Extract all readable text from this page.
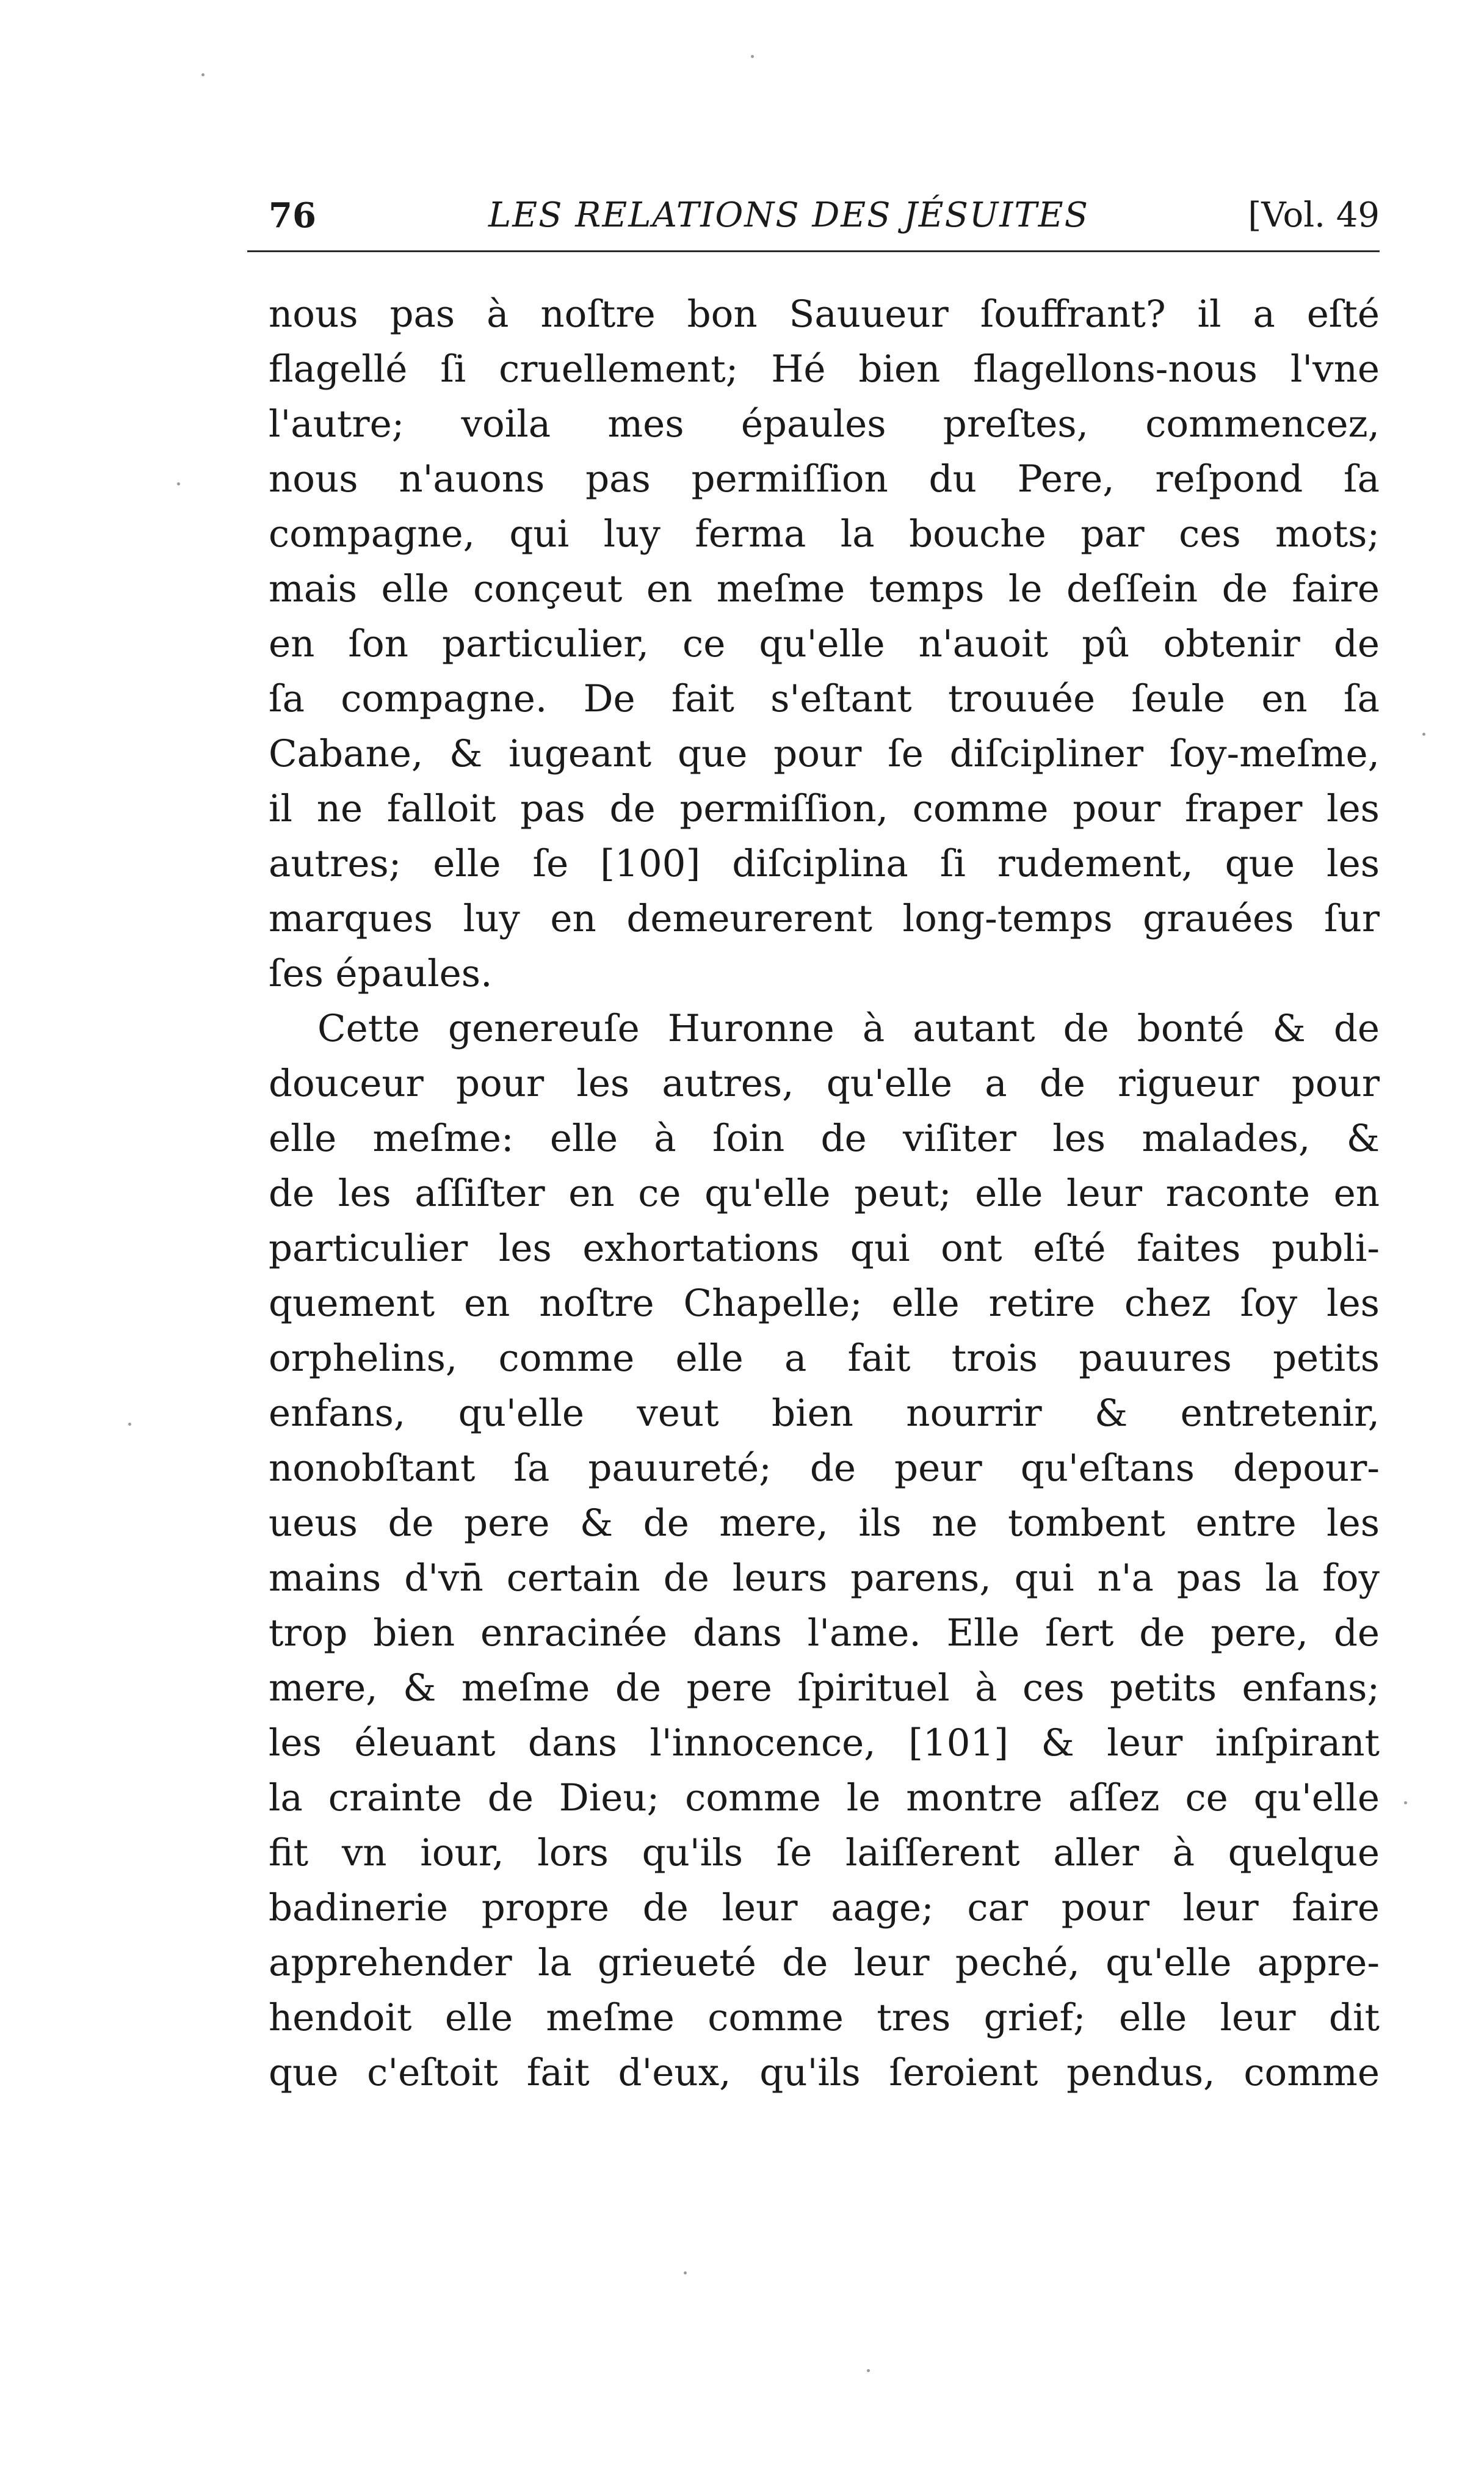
76	LES RELATIONS DES JÉSUITES	[Vol. 49
nous pas à noſtre bon Sauueur ſouffrant? il a eſté
flagellé ſi cruellement; Hé bien flagellons-nous l'vne
l'autre; voila mes épaules preſtes, commencez,
nous n'auons pas permiſſion du Pere, reſpond ſa
compagne, qui luy ferma la bouche par ces mots;
mais elle conçeut en meſme temps le deſſein de faire
en ſon particulier, ce qu'elle n'auoit pû obtenir de
ſa compagne. De fait s'eſtant trouuée ſeule en ſa
Cabane, & iugeant que pour ſe diſcipliner ſoy-meſme,
il ne falloit pas de permiſſion, comme pour fraper les
autres; elle ſe [100] diſciplina ſi rudement, que les
marques luy en demeurerent long-temps grauées ſur
ſes épaules.
Cette genereuſe Huronne à autant de bonté & de
douceur pour les autres, qu'elle a de rigueur pour
elle meſme: elle à ſoin de viſiter les malades, &
de les aſſiſter en ce qu'elle peut; elle leur raconte en
particulier les exhortations qui ont eſté faites publi-
quement en noſtre Chapelle; elle retire chez ſoy les
orphelins, comme elle a fait trois pauures petits
enfans, qu'elle veut bien nourrir & entretenir,
nonobſtant ſa pauureté; de peur qu'eſtans depour-
ueus de pere & de mere, ils ne tombent entre les
mains d'vn̄ certain de leurs parens, qui n'a pas la foy
trop bien enracinée dans l'ame. Elle ſert de pere, de
mere, & meſme de pere ſpirituel à ces petits enfans;
les éleuant dans l'innocence, [101] & leur inſpirant
la crainte de Dieu; comme le montre aſſez ce qu'elle
fit vn iour, lors qu'ils ſe laiſſerent aller à quelque
badinerie propre de leur aage; car pour leur faire
apprehender la grieueté de leur peché, qu'elle appre-
hendoit elle meſme comme tres grief; elle leur dit
que c'eſtoit fait d'eux, qu'ils ſeroient pendus, comme
